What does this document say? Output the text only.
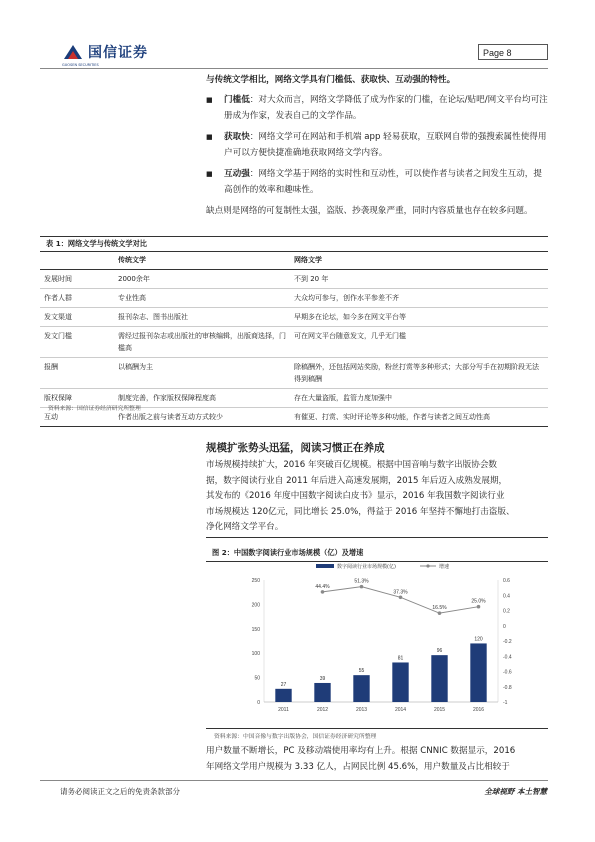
国信证券
GUOSEN SECURITIES
Page 8
与传统文学相比，网络文学具有门槛低、获取快、互动强的特性。
■	门槛低：对大众而言，网络文学降低了成为作家的门槛，在论坛/贴吧/网文平台均可注册成为作家，发表自己的文学作品。
■	获取快：网络文学可在网站和手机端 app 轻易获取，互联网自带的强搜索属性使得用户可以方便快捷准确地获取网络文学内容。
■	互动强：网络文学基于网络的实时性和互动性，可以使作者与读者之间发生互动，提高创作的效率和趣味性。
缺点则是网络的可复制性太强，盗版、抄袭现象严重，同时内容质量也存在较多问题。
表 1：网络文学与传统文学对比
	传统文学	网络文学
发展时间	2000余年	不到 20 年
作者人群	专业性高	大众均可参与，创作水平参差不齐
发文渠道	报刊杂志、图书出版社	早期多在论坛，如今多在网文平台等
发文门槛	需经过报刊杂志或出版社的审核编辑，出版商选择，门槛高	可在网文平台随意发文，几乎无门槛
报酬	以稿酬为主	除稿酬外，还包括网站奖励，粉丝打赏等多种形式；大部分写手在初期阶段无法得到稿酬
版权保障	制度完善，作家版权保障程度高	存在大量盗版，监管力度加强中
互动	作者出版之前与读者互动方式较少	有催更、打赏、实时评论等多种功能，作者与读者之间互动性高
资料来源：国信证券经济研究所整理
规模扩张势头迅猛，阅读习惯正在养成
市场规模持续扩大，2016 年突破百亿规模。根据中国音响与数字出版协会数
据，数字阅读行业自 2011 年后进入高速发展期，2015 年后迈入成熟发展期，
其发布的《2016 年度中国数字阅读白皮书》显示，2016 年我国数字阅读行业
市场规模达 120亿元，同比增长 25.0%，得益于 2016 年坚持不懈地打击盗版、
净化网络文学平台。
图 2：中国数字阅读行业市场规模（亿）及增速
0
50
100
150
200
250
-1
-0.8
-0.6
-0.4
-0.2
0
0.2
0.4
0.6
27
39
55
81
96
120
2011	2012	2013	2014	2015	2016
44.4%
51.3%
37.3%
16.5%
25.0%
数字阅读行业市场规模(亿)	增速
资料来源：中国音像与数字出版协会，国信证券经济研究所整理
用户数量不断增长，PC 及移动端使用率均有上升。根据 CNNIC 数据显示，2016
年网络文学用户规模为 3.33 亿人，占网民比例 45.6%，用户数量及占比相较于
请务必阅读正文之后的免责条款部分	全球视野 本土智慧
